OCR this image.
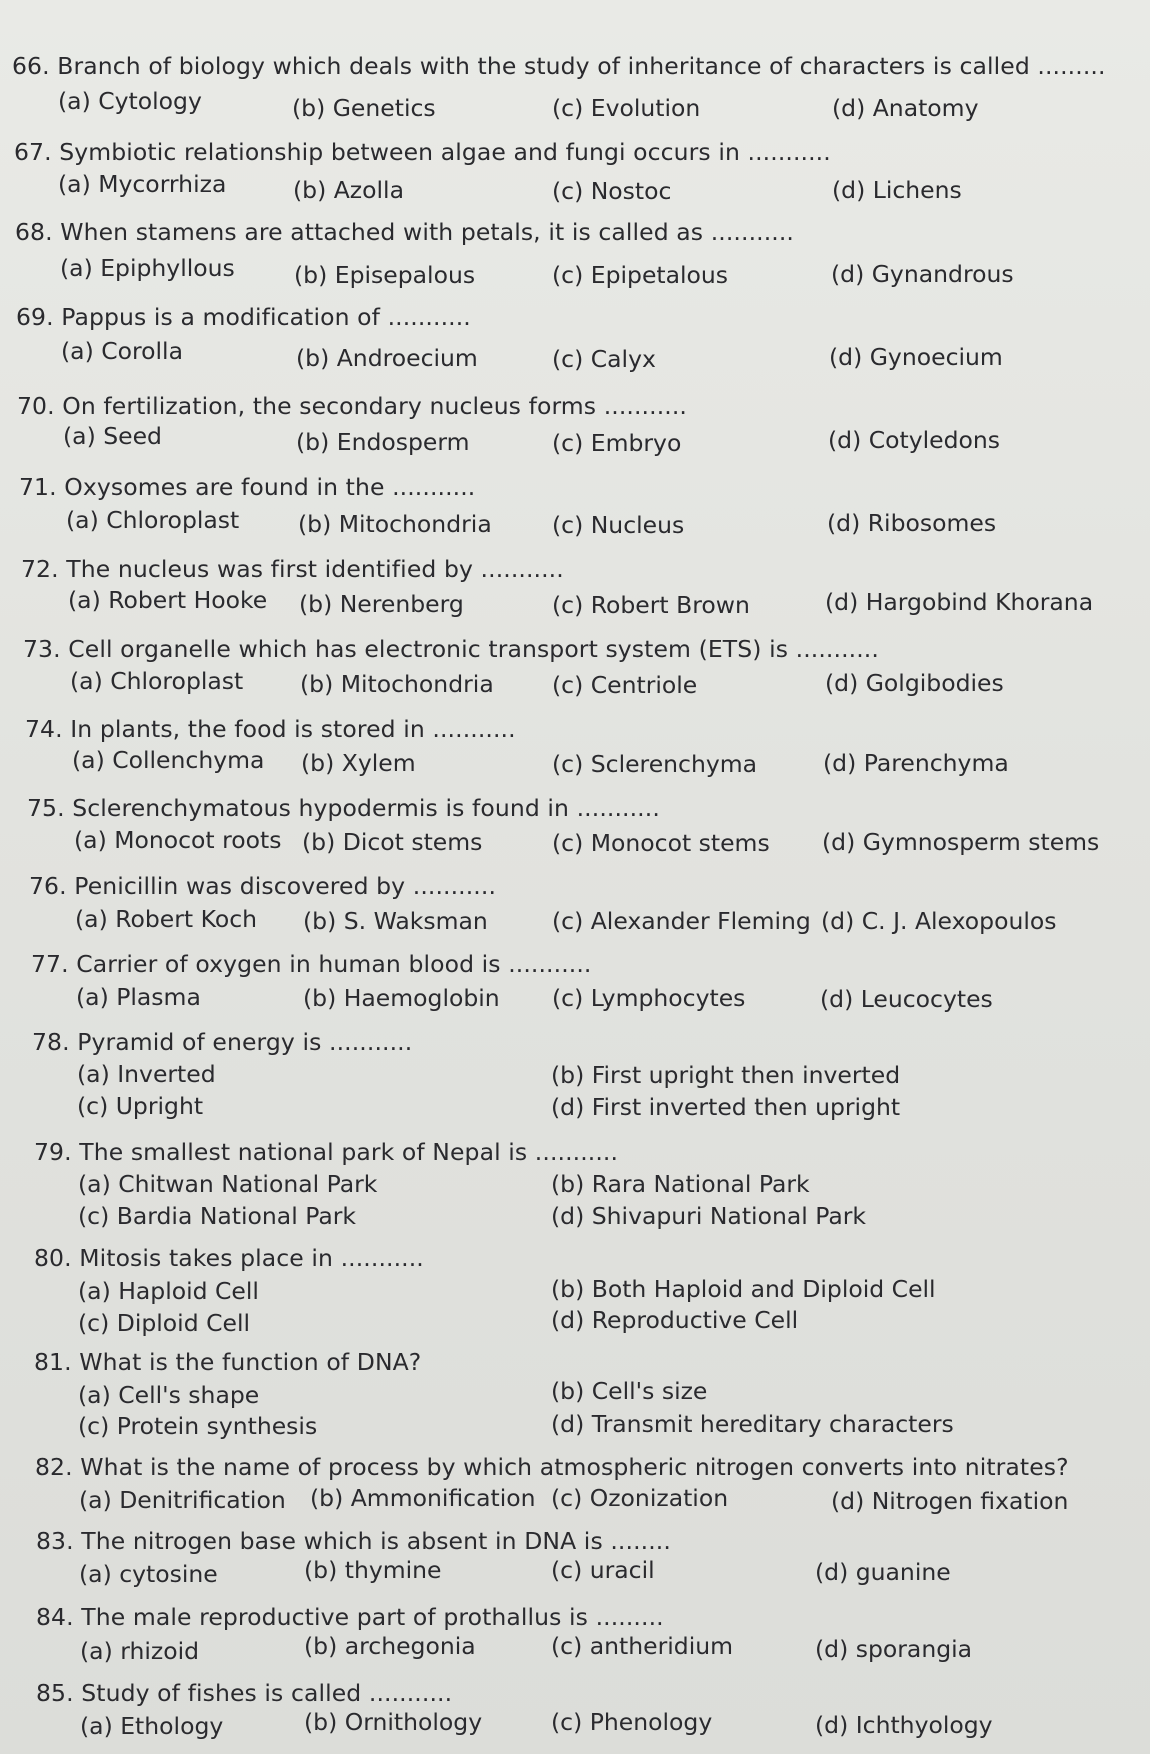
66. Branch of biology which deals with the study of inheritance of characters is called .........
(a) Cytology	(b) Genetics	(c) Evolution	(d) Anatomy
67. Symbiotic relationship between algae and fungi occurs in ...........
(a) Mycorrhiza	(b) Azolla	(c) Nostoc	(d) Lichens
68. When stamens are attached with petals, it is called as ...........
(a) Epiphyllous	(b) Episepalous	(c) Epipetalous	(d) Gynandrous
69. Pappus is a modification of ...........
(a) Corolla	(b) Androecium	(c) Calyx	(d) Gynoecium
70. On fertilization, the secondary nucleus forms ...........
(a) Seed	(b) Endosperm	(c) Embryo	(d) Cotyledons
71. Oxysomes are found in the ...........
(a) Chloroplast	(b) Mitochondria	(c) Nucleus	(d) Ribosomes
72. The nucleus was first identified by ...........
(a) Robert Hooke (b) Nerenberg	(c) Robert Brown	(d) Hargobind Khorana
73. Cell organelle which has electronic transport system (ETS) is ...........
(a) Chloroplast (b) Mitochondria (c) Centriole	(d) Golgibodies
74. In plants, the food is stored in ...........
(a) Collenchyma (b) Xylem	(c) Sclerenchyma	(d) Parenchyma
75. Sclerenchymatous hypodermis is found in ...........
(a) Monocot roots (b) Dicot stems	(c) Monocot stems (d) Gymnosperm stems
76. Penicillin was discovered by ...........
(a) Robert Koch (b) S. Waksman	(c) Alexander Fleming (d) C. J. Alexopoulos
77. Carrier of oxygen in human blood is ...........
(a) Plasma	(b) Haemoglobin (c) Lymphocytes	(d) Leucocytes
78. Pyramid of energy is ...........
(a) Inverted	(b) First upright then inverted
(c) Upright	(d) First inverted then upright
79. The smallest national park of Nepal is ...........
(a) Chitwan National Park	(b) Rara National Park
(c) Bardia National Park	(d) Shivapuri National Park
80. Mitosis takes place in ...........
(a) Haploid Cell	(b) Both Haploid and Diploid Cell
(c) Diploid Cell	(d) Reproductive Cell
81. What is the function of DNA?
(a) Cell's shape	(b) Cell's size
(c) Protein synthesis	(d) Transmit hereditary characters
82. What is the name of process by which atmospheric nitrogen converts into nitrates?
(a) Denitrification (b) Ammonification (c) Ozonization	(d) Nitrogen fixation
83. The nitrogen base which is absent in DNA is ........
(a) cytosine	(b) thymine	(c) uracil	(d) guanine
84. The male reproductive part of prothallus is .........
(a) rhizoid	(b) archegonia	(c) antheridium	(d) sporangia
85. Study of fishes is called ...........
(a) Ethology	(b) Ornithology	(c) Phenology	(d) Ichthyology
